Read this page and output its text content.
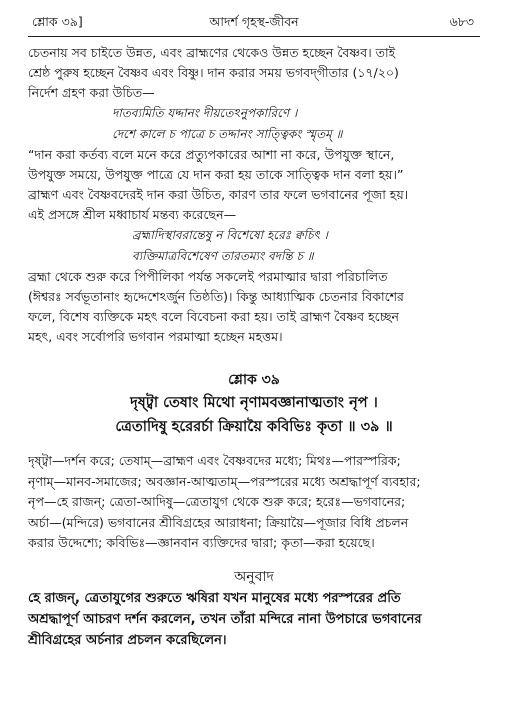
শ্লোক ৩৯]	আদর্শ গৃহস্থ-জীবন	৬৮৩

চেতনায় সব চাইতে উন্নত, এবং ব্রাহ্মণের থেকেও উন্নত হচ্ছেন বৈষ্ণব। তাই

শ্রেষ্ঠ পুরুষ হচ্ছেন বৈষ্ণব এবং বিষ্ণু। দান করার সময় ভগবদ্‌গীতার (১৭/২০)

নির্দেশ গ্রহণ করা উচিত—

দাতব্যমিতি যদ্দানং দীয়তেঽনুপকারিণে ।

দেশে কালে চ পাত্রে চ তদ্দানং সাত্ত্বিকং স্মৃতম্ ॥

“দান করা কর্তব্য বলে মনে করে প্রত্যুপকারের আশা না করে, উপযুক্ত স্থানে,

উপযুক্ত সময়ে, উপযুক্ত পাত্রে যে দান করা হয় তাকে সাত্ত্বিক দান বলা হয়।”

ব্রাহ্মণ এবং বৈষ্ণবদেরই দান করা উচিত, কারণ তার ফলে ভগবানের পূজা হয়।

এই প্রসঙ্গে শ্রীল মধ্বাচার্য মন্তব্য করেছেন—

ব্রহ্মাদিস্থাবরান্তেষু ন বিশেষো হরেঃ ক্বচিৎ ।

ব্যক্তিমাত্রবিশেষেণ তারতম্যং বদন্তি চ ॥

ব্রহ্মা থেকে শুরু করে পিপীলিকা পর্যন্ত সকলেই পরমাত্মার দ্বারা পরিচালিত

(ঈশ্বরঃ সর্বভূতানাং হৃদ্দেশেঽর্জুন তিষ্ঠতি)। কিন্তু আধ্যাত্মিক চেতনার বিকাশের

ফলে, বিশেষ ব্যক্তিকে মহৎ বলে বিবেচনা করা হয়। তাই ব্রাহ্মণ বৈষ্ণব হচ্ছেন

মহৎ, এবং সর্বোপরি ভগবান পরমাত্মা হচ্ছেন মহত্তম।

শ্লোক ৩৯
দৃষ্ট্বা তেষাং মিথো নৃণামবজ্ঞানাত্মতাং নৃপ ।
ত্রেতাদিষু হরেরর্চা ক্রিয়ায়ৈ কবিভিঃ কৃতা ॥ ৩৯ ॥

দৃষ্ট্বা—দর্শন করে; তেষাম্—ব্রাহ্মণ এবং বৈষ্ণবদের মধ্যে; মিথঃ—পারস্পরিক;

নৃণাম্—মানব-সমাজের; অবজ্ঞান-আত্মতাম্—পরস্পরের মধ্যে অশ্রদ্ধাপূর্ণ ব্যবহার;

নৃপ—হে রাজন্; ত্রেতা-আদিষু—ত্রেতাযুগ থেকে শুরু করে; হরেঃ—ভগবানের;

অর্চা—(মন্দিরে) ভগবানের শ্রীবিগ্রহের আরাধনা; ক্রিয়ায়ৈ—পূজার বিধি প্রচলন

করার উদ্দেশ্যে; কবিভিঃ—জ্ঞানবান ব্যক্তিদের দ্বারা; কৃতা—করা হয়েছে।

অনুবাদ

হে রাজন্, ত্রেতাযুগের শুরুতে ঋষিরা যখন মানুষের মধ্যে পরস্পরের প্রতি

অশ্রদ্ধাপূর্ণ আচরণ দর্শন করলেন, তখন তাঁরা মন্দিরে নানা উপচারে ভগবানের

শ্রীবিগ্রহের অর্চনার প্রচলন করেছিলেন।
